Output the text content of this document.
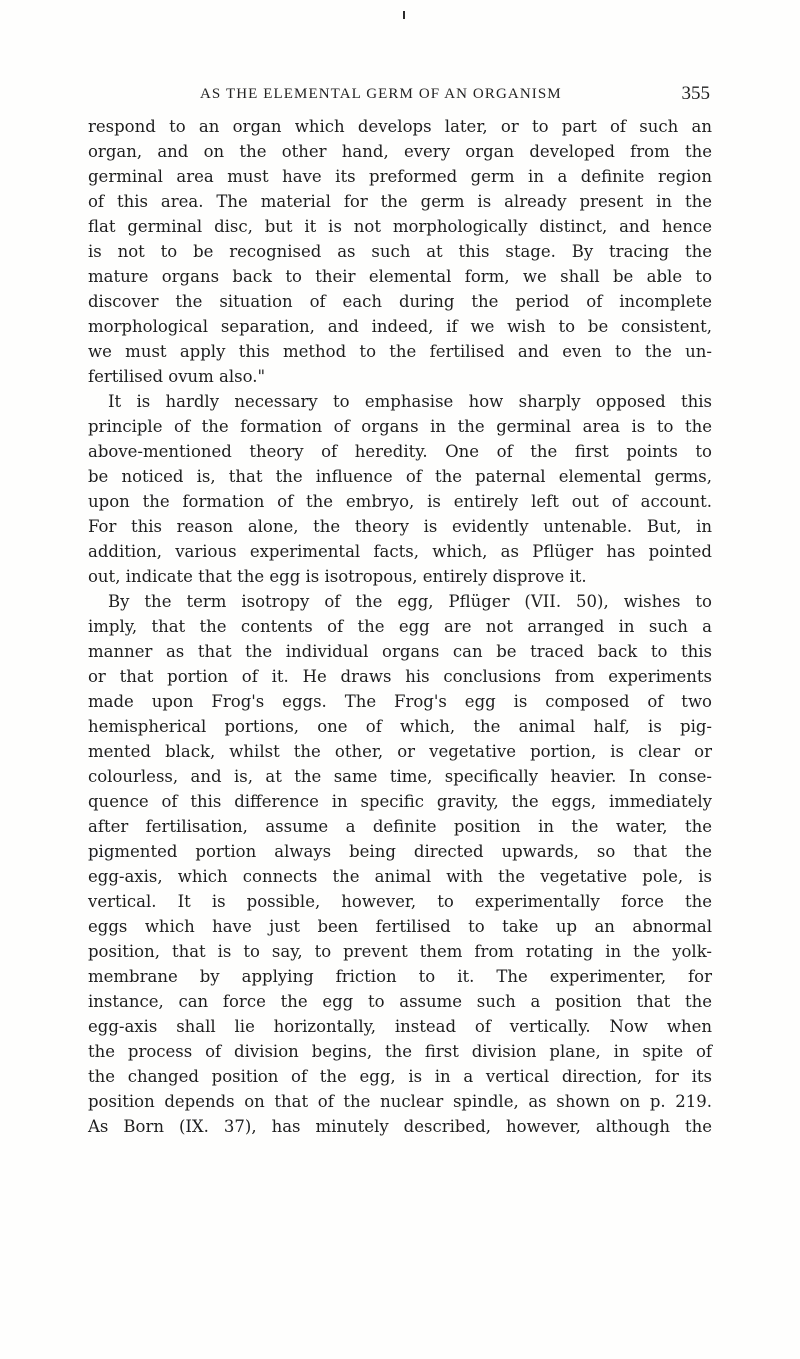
AS THE ELEMENTAL GERM OF AN ORGANISM	355
respond to an organ which develops later, or to part of such an
organ, and on the other hand, every organ developed from the
germinal area must have its preformed germ in a definite region
of this area. The material for the germ is already present in the
flat germinal disc, but it is not morphologically distinct, and hence
is not to be recognised as such at this stage. By tracing the
mature organs back to their elemental form, we shall be able to
discover the situation of each during the period of incomplete
morphological separation, and indeed, if we wish to be consistent,
we must apply this method to the fertilised and even to the un-
fertilised ovum also."
It is hardly necessary to emphasise how sharply opposed this
principle of the formation of organs in the germinal area is to the
above-mentioned theory of heredity. One of the first points to
be noticed is, that the influence of the paternal elemental germs,
upon the formation of the embryo, is entirely left out of account.
For this reason alone, the theory is evidently untenable. But, in
addition, various experimental facts, which, as Pflüger has pointed
out, indicate that the egg is isotropous, entirely disprove it.
By the term isotropy of the egg, Pflüger (VII. 50), wishes to
imply, that the contents of the egg are not arranged in such a
manner as that the individual organs can be traced back to this
or that portion of it. He draws his conclusions from experiments
made upon Frog's eggs. The Frog's egg is composed of two
hemispherical portions, one of which, the animal half, is pig-
mented black, whilst the other, or vegetative portion, is clear or
colourless, and is, at the same time, specifically heavier. In conse-
quence of this difference in specific gravity, the eggs, immediately
after fertilisation, assume a definite position in the water, the
pigmented portion always being directed upwards, so that the
egg-axis, which connects the animal with the vegetative pole, is
vertical. It is possible, however, to experimentally force the
eggs which have just been fertilised to take up an abnormal
position, that is to say, to prevent them from rotating in the yolk-
membrane by applying friction to it. The experimenter, for
instance, can force the egg to assume such a position that the
egg-axis shall lie horizontally, instead of vertically. Now when
the process of division begins, the first division plane, in spite of
the changed position of the egg, is in a vertical direction, for its
position depends on that of the nuclear spindle, as shown on p. 219.
As Born (IX. 37), has minutely described, however, although the
